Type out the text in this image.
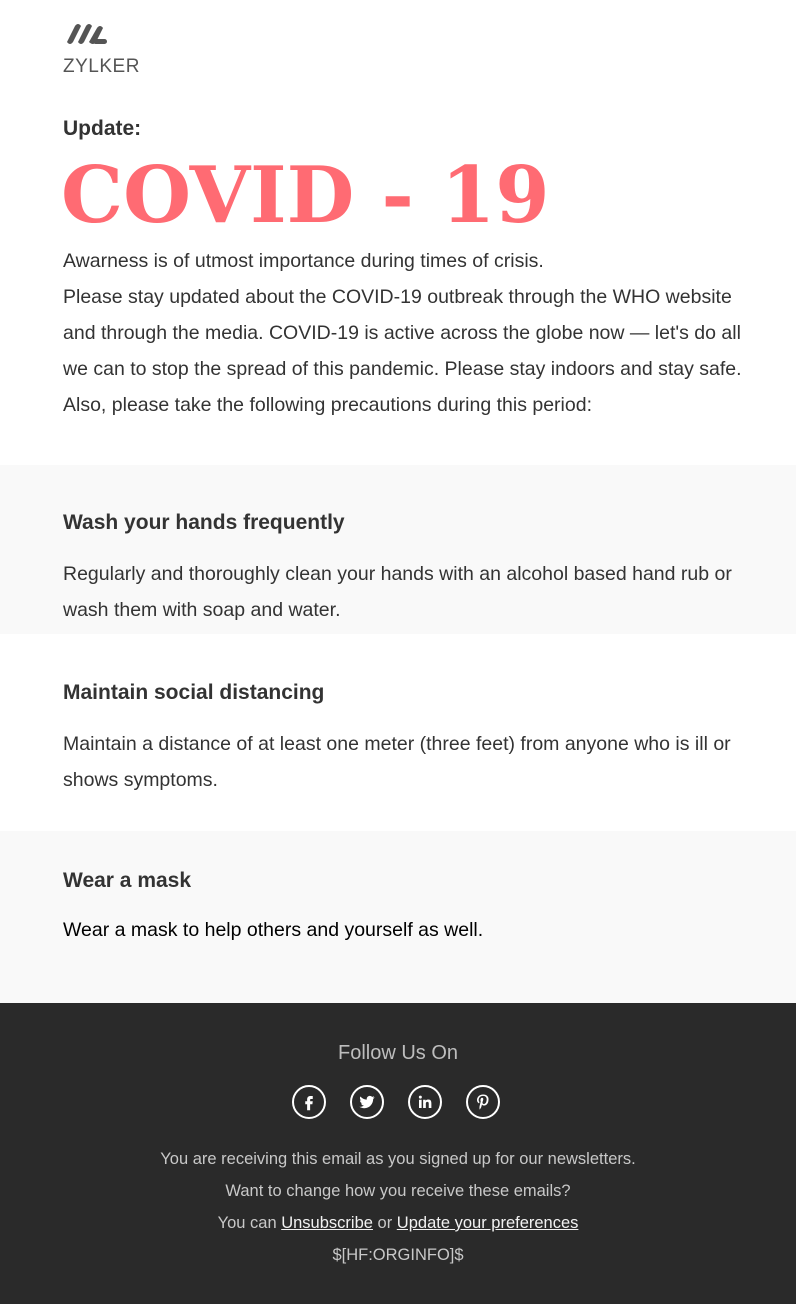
ZYLKER
Update:
COVID - 19
Awarness is of utmost importance during times of crisis.
Please stay updated about the COVID-19 outbreak through the WHO website and through the media. COVID-19 is active across the globe now — let's do all we can to stop the spread of this pandemic. Please stay indoors and stay safe. Also, please take the following precautions during this period:
Wash your hands frequently

Regularly and thoroughly clean your hands with an alcohol based hand rub or wash them with soap and water.

Maintain social distancing

Maintain a distance of at least one meter (three feet) from anyone who is ill or shows symptoms.

Wear a mask

Wear a mask to help others and yourself as well.

Follow Us On
You are receiving this email as you signed up for our newsletters.
Want to change how you receive these emails?
You can Unsubscribe or Update your preferences
$[HF:ORGINFO]$
